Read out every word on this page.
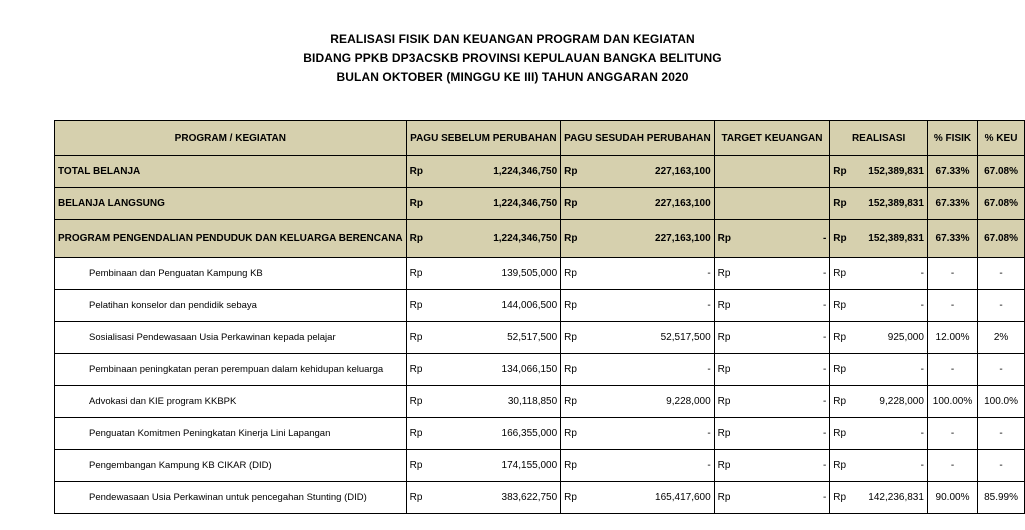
REALISASI FISIK DAN KEUANGAN PROGRAM DAN KEGIATAN
BIDANG PPKB DP3ACSKB PROVINSI KEPULAUAN BANGKA BELITUNG
BULAN OKTOBER (MINGGU KE III) TAHUN ANGGARAN 2020
PROGRAM / KEGIATAN	PAGU SEBELUM PERUBAHAN		PAGU SESUDAH PERUBAHAN		TARGET KEUANGAN		REALISASI		% FISIK	% KEU
TOTAL BELANJA	Rp	1,224,346,750	Rp	227,163,100			Rp	152,389,831	67.33%	67.08%
BELANJA LANGSUNG	Rp	1,224,346,750	Rp	227,163,100			Rp	152,389,831	67.33%	67.08%
PROGRAM PENGENDALIAN PENDUDUK DAN KELUARGA BERENCANA	Rp	1,224,346,750	Rp	227,163,100	Rp	-	Rp	152,389,831	67.33%	67.08%
Pembinaan dan Penguatan Kampung KB	Rp	139,505,000	Rp	-	Rp	-	Rp	-	-	-
Pelatihan konselor dan pendidik sebaya	Rp	144,006,500	Rp	-	Rp	-	Rp	-	-	-
Sosialisasi Pendewasaan Usia Perkawinan kepada pelajar	Rp	52,517,500	Rp	52,517,500	Rp	-	Rp	925,000	12.00%	2%
Pembinaan peningkatan peran perempuan dalam kehidupan keluarga	Rp	134,066,150	Rp	-	Rp	-	Rp	-	-	-
Advokasi dan KIE program KKBPK	Rp	30,118,850	Rp	9,228,000	Rp	-	Rp	9,228,000	100.00%	100.0%
Penguatan Komitmen Peningkatan Kinerja Lini Lapangan	Rp	166,355,000	Rp	-	Rp	-	Rp	-	-	-
Pengembangan Kampung KB CIKAR (DID)	Rp	174,155,000	Rp	-	Rp	-	Rp	-	-	-
Pendewasaan Usia Perkawinan untuk pencegahan Stunting (DID)	Rp	383,622,750	Rp	165,417,600	Rp	-	Rp	142,236,831	90.00%	85.99%
